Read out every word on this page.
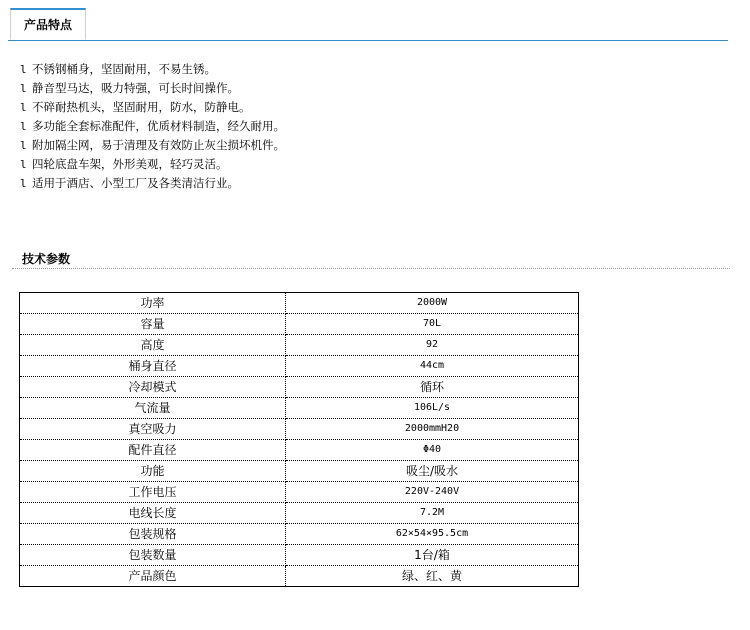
产品特点
l 不锈钢桶身，坚固耐用，不易生锈。
l 静音型马达，吸力特强，可长时间操作。
l 不碎耐热机头，坚固耐用，防水，防静电。
l 多功能全套标准配件，优质材料制造，经久耐用。
l 附加隔尘网，易于清理及有效防止灰尘损坏机件。
l 四轮底盘车架，外形美观，轻巧灵活。
l 适用于酒店、小型工厂及各类清洁行业。
技术参数
功率	2000W
容量	70L
高度	92
桶身直径	44cm
冷却模式	循环
气流量	106L/s
真空吸力	2000mmH20
配件直径	Φ40
功能	吸尘/吸水
工作电压	220V-240V
电线长度	7.2M
包装规格	62×54×95.5cm
包装数量	1台/箱
产品颜色	绿、红、黄
